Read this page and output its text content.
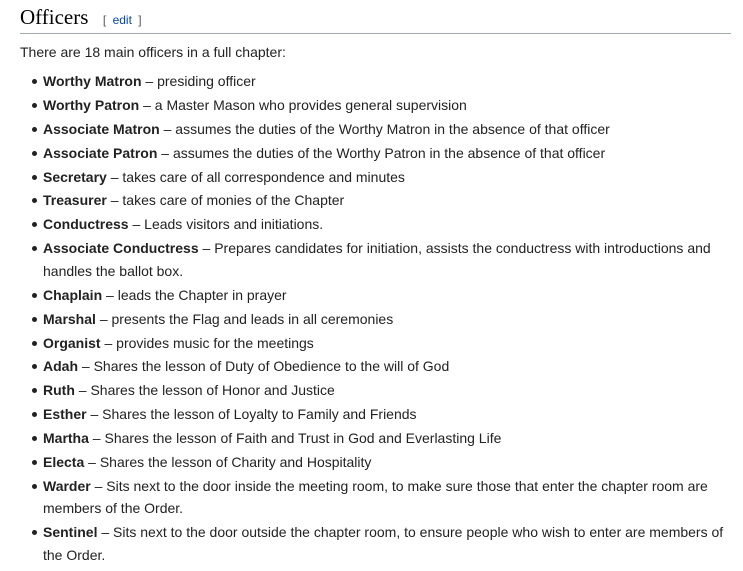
Officers [ edit ]

There are 18 main officers in a full chapter:

Worthy Matron – presiding officer
Worthy Patron – a Master Mason who provides general supervision
Associate Matron – assumes the duties of the Worthy Matron in the absence of that officer
Associate Patron – assumes the duties of the Worthy Patron in the absence of that officer
Secretary – takes care of all correspondence and minutes
Treasurer – takes care of monies of the Chapter
Conductress – Leads visitors and initiations.
Associate Conductress – Prepares candidates for initiation, assists the conductress with introductions and handles the ballot box.
Chaplain – leads the Chapter in prayer
Marshal – presents the Flag and leads in all ceremonies
Organist – provides music for the meetings
Adah – Shares the lesson of Duty of Obedience to the will of God
Ruth – Shares the lesson of Honor and Justice
Esther – Shares the lesson of Loyalty to Family and Friends
Martha – Shares the lesson of Faith and Trust in God and Everlasting Life
Electa – Shares the lesson of Charity and Hospitality
Warder – Sits next to the door inside the meeting room, to make sure those that enter the chapter room are members of the Order.
Sentinel – Sits next to the door outside the chapter room, to ensure people who wish to enter are members of the Order.
